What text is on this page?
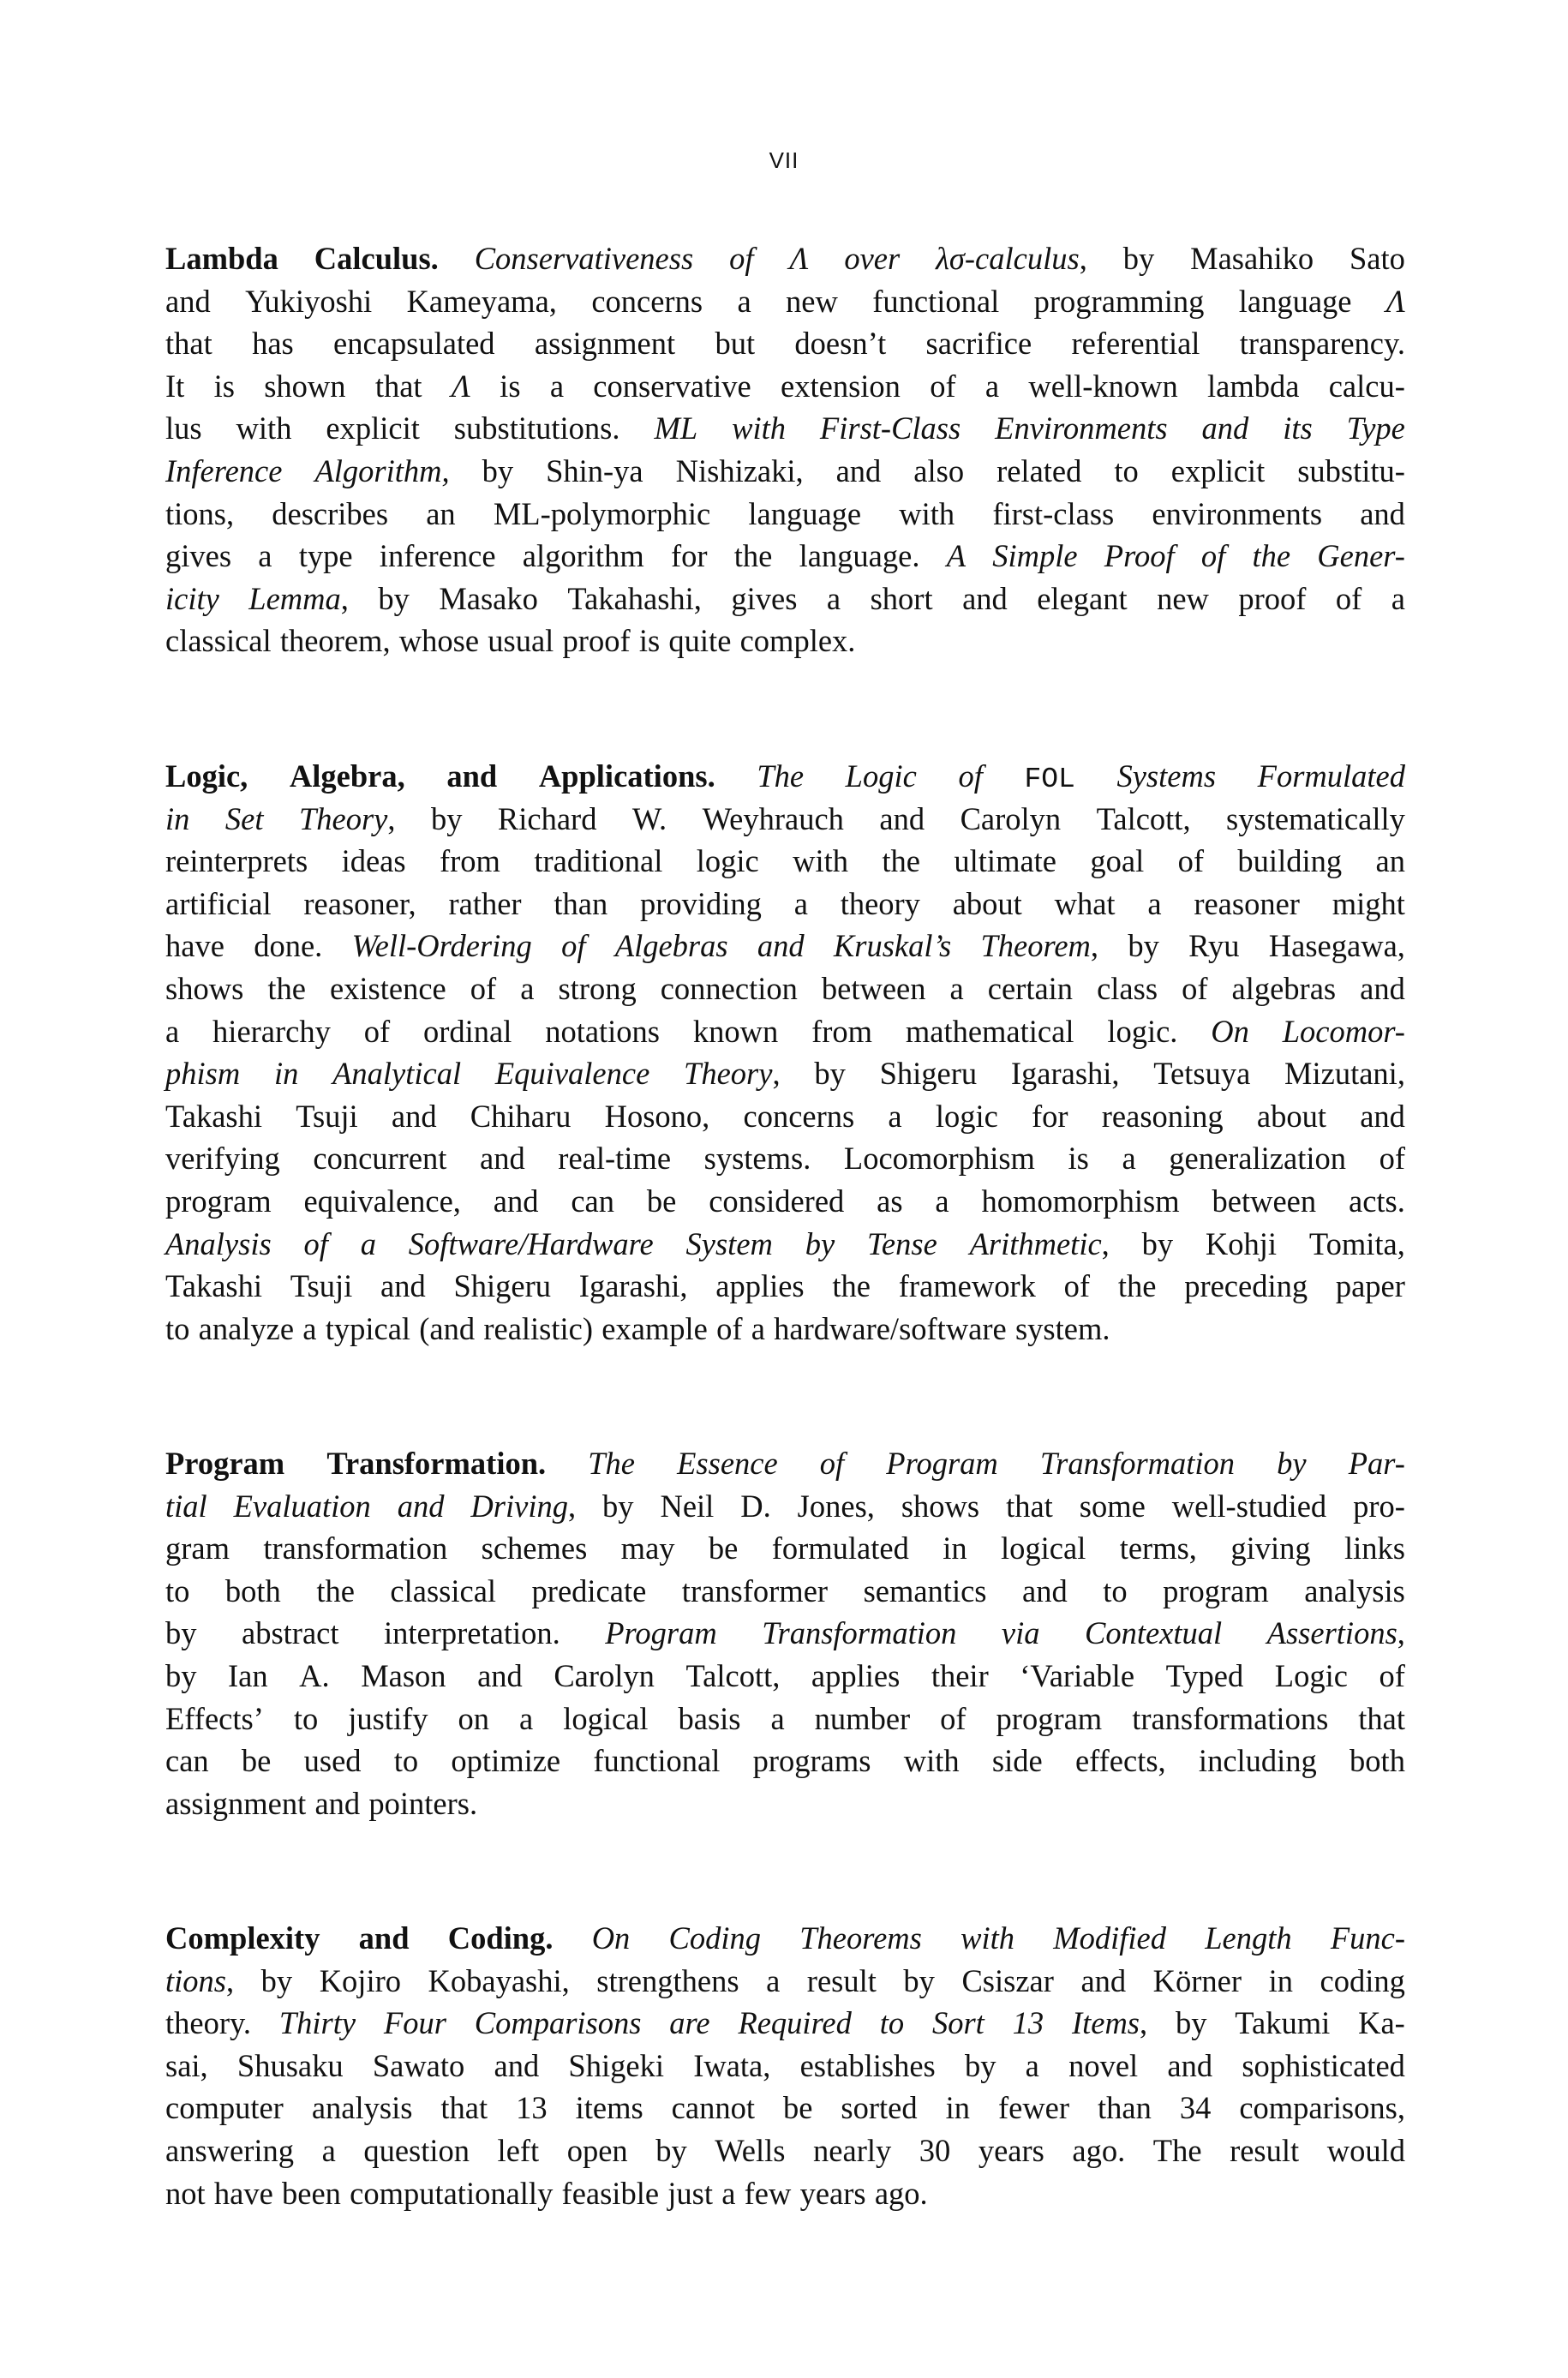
VII
Lambda Calculus. Conservativeness of Λ over λσ-calculus, by Masahiko Sato
and Yukiyoshi Kameyama, concerns a new functional programming language Λ
that has encapsulated assignment but doesn’t sacrifice referential transparency.
It is shown that Λ is a conservative extension of a well-known lambda calcu-
lus with explicit substitutions. ML with First-Class Environments and its Type
Inference Algorithm, by Shin-ya Nishizaki, and also related to explicit substitu-
tions, describes an ML-polymorphic language with first-class environments and
gives a type inference algorithm for the language. A Simple Proof of the Gener-
icity Lemma, by Masako Takahashi, gives a short and elegant new proof of a
classical theorem, whose usual proof is quite complex.
Logic, Algebra, and Applications. The Logic of FOL Systems Formulated
in Set Theory, by Richard W. Weyhrauch and Carolyn Talcott, systematically
reinterprets ideas from traditional logic with the ultimate goal of building an
artificial reasoner, rather than providing a theory about what a reasoner might
have done. Well-Ordering of Algebras and Kruskal’s Theorem, by Ryu Hasegawa,
shows the existence of a strong connection between a certain class of algebras and
a hierarchy of ordinal notations known from mathematical logic. On Locomor-
phism in Analytical Equivalence Theory, by Shigeru Igarashi, Tetsuya Mizutani,
Takashi Tsuji and Chiharu Hosono, concerns a logic for reasoning about and
verifying concurrent and real-time systems. Locomorphism is a generalization of
program equivalence, and can be considered as a homomorphism between acts.
Analysis of a Software/Hardware System by Tense Arithmetic, by Kohji Tomita,
Takashi Tsuji and Shigeru Igarashi, applies the framework of the preceding paper
to analyze a typical (and realistic) example of a hardware/software system.
Program Transformation. The Essence of Program Transformation by Par-
tial Evaluation and Driving, by Neil D. Jones, shows that some well-studied pro-
gram transformation schemes may be formulated in logical terms, giving links
to both the classical predicate transformer semantics and to program analysis
by abstract interpretation. Program Transformation via Contextual Assertions,
by Ian A. Mason and Carolyn Talcott, applies their ‘Variable Typed Logic of
Effects’ to justify on a logical basis a number of program transformations that
can be used to optimize functional programs with side effects, including both
assignment and pointers.
Complexity and Coding. On Coding Theorems with Modified Length Func-
tions, by Kojiro Kobayashi, strengthens a result by Csiszar and Körner in coding
theory. Thirty Four Comparisons are Required to Sort 13 Items, by Takumi Ka-
sai, Shusaku Sawato and Shigeki Iwata, establishes by a novel and sophisticated
computer analysis that 13 items cannot be sorted in fewer than 34 comparisons,
answering a question left open by Wells nearly 30 years ago. The result would
not have been computationally feasible just a few years ago.
